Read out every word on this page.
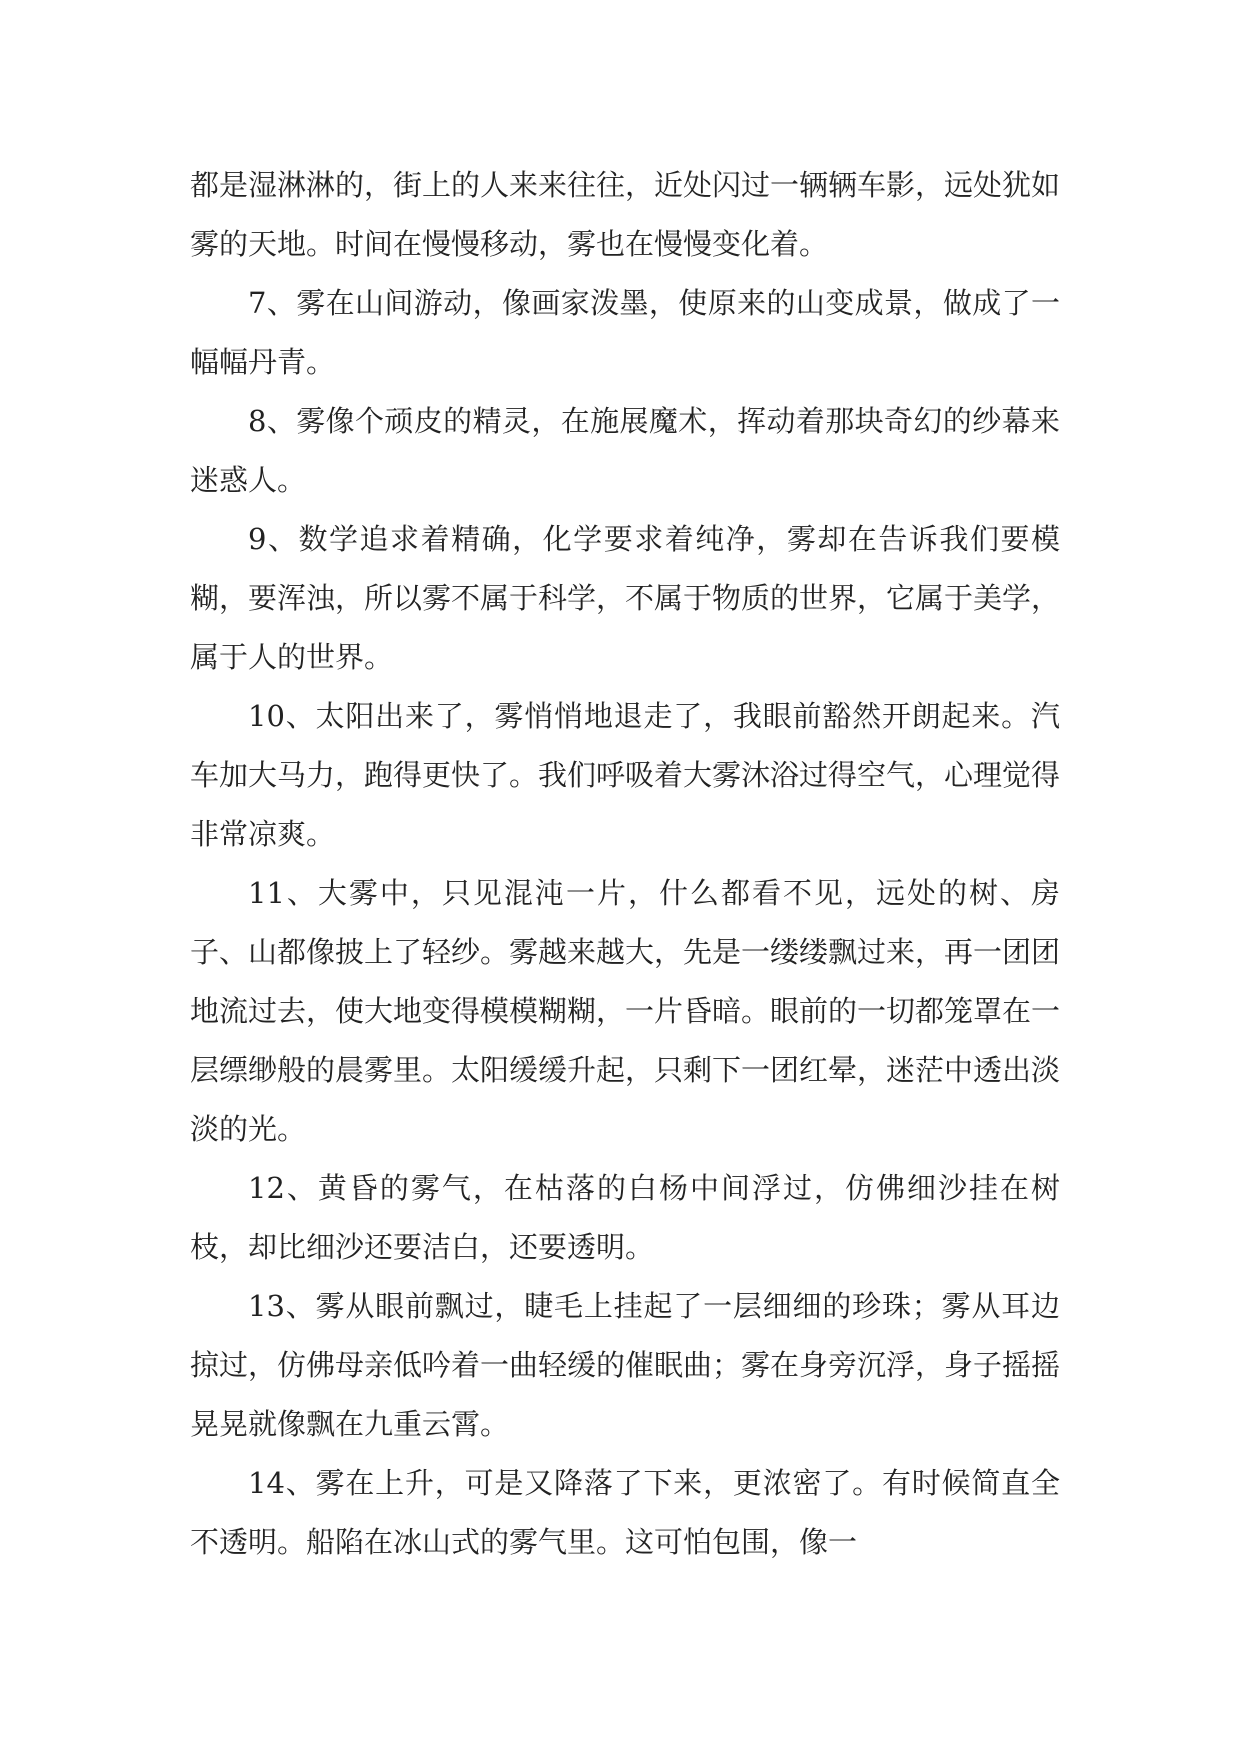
都是湿淋淋的，街上的人来来往往，近处闪过一辆辆车影，远处犹如雾的天地。时间在慢慢移动，雾也在慢慢变化着。

7、雾在山间游动，像画家泼墨，使原来的山变成景，做成了一幅幅丹青。

8、雾像个顽皮的精灵，在施展魔术，挥动着那块奇幻的纱幕来迷惑人。

9、数学追求着精确，化学要求着纯净，雾却在告诉我们要模糊，要浑浊，所以雾不属于科学，不属于物质的世界，它属于美学，属于人的世界。

10、太阳出来了，雾悄悄地退走了，我眼前豁然开朗起来。汽车加大马力，跑得更快了。我们呼吸着大雾沐浴过得空气，心理觉得非常凉爽。

11、大雾中，只见混沌一片，什么都看不见，远处的树、房子、山都像披上了轻纱。雾越来越大，先是一缕缕飘过来，再一团团地流过去，使大地变得模模糊糊，一片昏暗。眼前的一切都笼罩在一层缥缈般的晨雾里。太阳缓缓升起，只剩下一团红晕，迷茫中透出淡淡的光。

12、黄昏的雾气，在枯落的白杨中间浮过，仿佛细沙挂在树枝，却比细沙还要洁白，还要透明。

13、雾从眼前飘过，睫毛上挂起了一层细细的珍珠；雾从耳边掠过，仿佛母亲低吟着一曲轻缓的催眠曲；雾在身旁沉浮，身子摇摇晃晃就像飘在九重云霄。

14、雾在上升，可是又降落了下来，更浓密了。有时候简直全不透明。船陷在冰山式的雾气里。这可怕包围，像一
